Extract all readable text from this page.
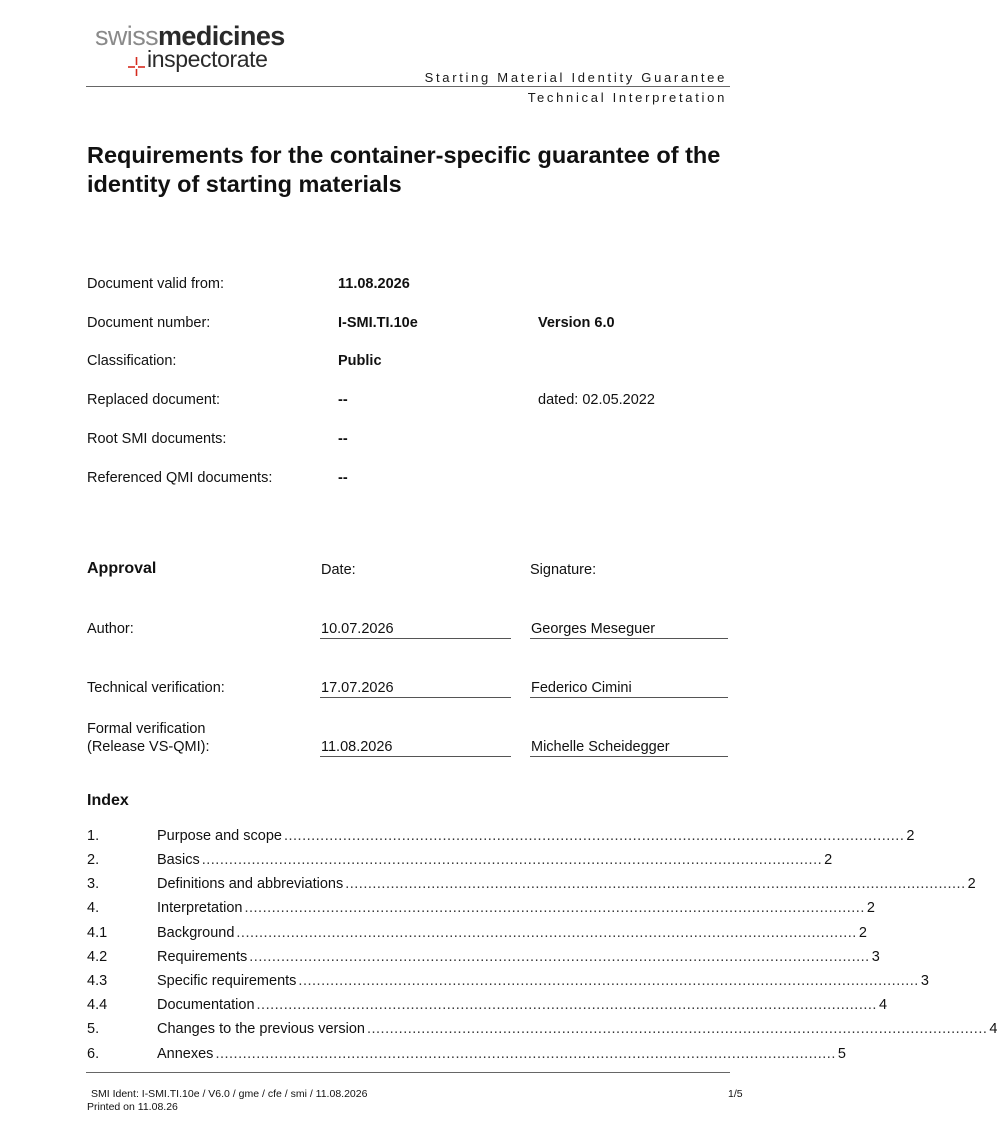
swissmedicines
inspectorate
Starting Material Identity Guarantee
Technical Interpretation
Requirements for the container-specific guarantee of the identity of starting materials
Document valid from:	11.08.2026
Document number:	I-SMI.TI.10e	Version 6.0
Classification:	Public
Replaced document:	--	dated: 02.05.2022
Root SMI documents:	--
Referenced QMI documents:	--
Approval	Date:	Signature:
Author:	10.07.2026	Georges Meseguer
Technical verification:	17.07.2026	Federico Cimini
Formal verification
(Release VS-QMI):	11.08.2026	Michelle Scheidegger
Index
1.	Purpose and scope ......................................................................................................................................... 2
2.	Basics ......................................................................................................................................... 2
3.	Definitions and abbreviations ......................................................................................................................................... 2
4.	Interpretation ......................................................................................................................................... 2
4.1	Background ......................................................................................................................................... 2
4.2	Requirements ......................................................................................................................................... 3
4.3	Specific requirements ......................................................................................................................................... 3
4.4	Documentation ......................................................................................................................................... 4
5.	Changes to the previous version ......................................................................................................................................... 4
6.	Annexes ......................................................................................................................................... 5
SMI Ident: I-SMI.TI.10e / V6.0 / gme / cfe / smi / 11.08.2026
Printed on 11.08.26
1/5
